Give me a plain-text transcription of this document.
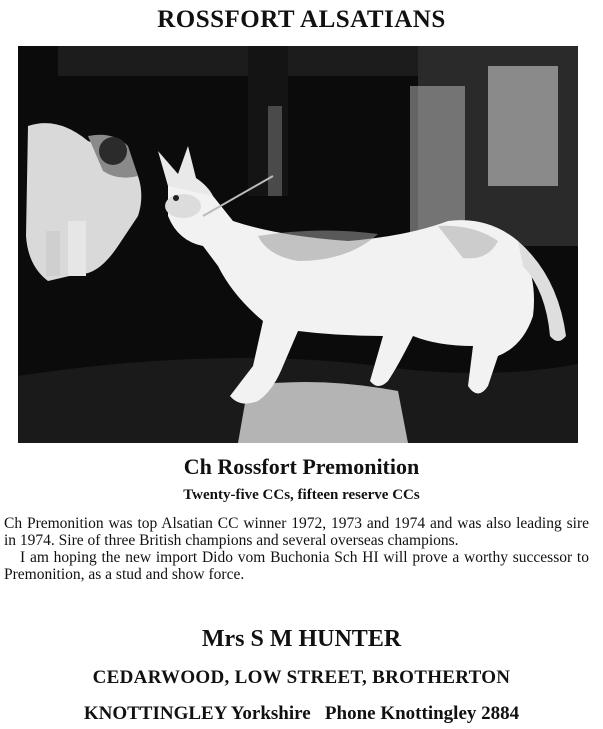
ROSSFORT ALSATIANS
Ch Rossfort Premonition
Twenty-five CCs, fifteen reserve CCs

Ch Premonition was top Alsatian CC winner 1972, 1973 and 1974 and was also leading sire in 1974. Sire of three British champions and several overseas champions.

I am hoping the new import Dido vom Buchonia Sch HI will prove a worthy successor to Premonition, as a stud and show force.

Mrs S M HUNTER
CEDARWOOD, LOW STREET, BROTHERTON
KNOTTINGLEY Yorkshire Phone Knottingley 2884
